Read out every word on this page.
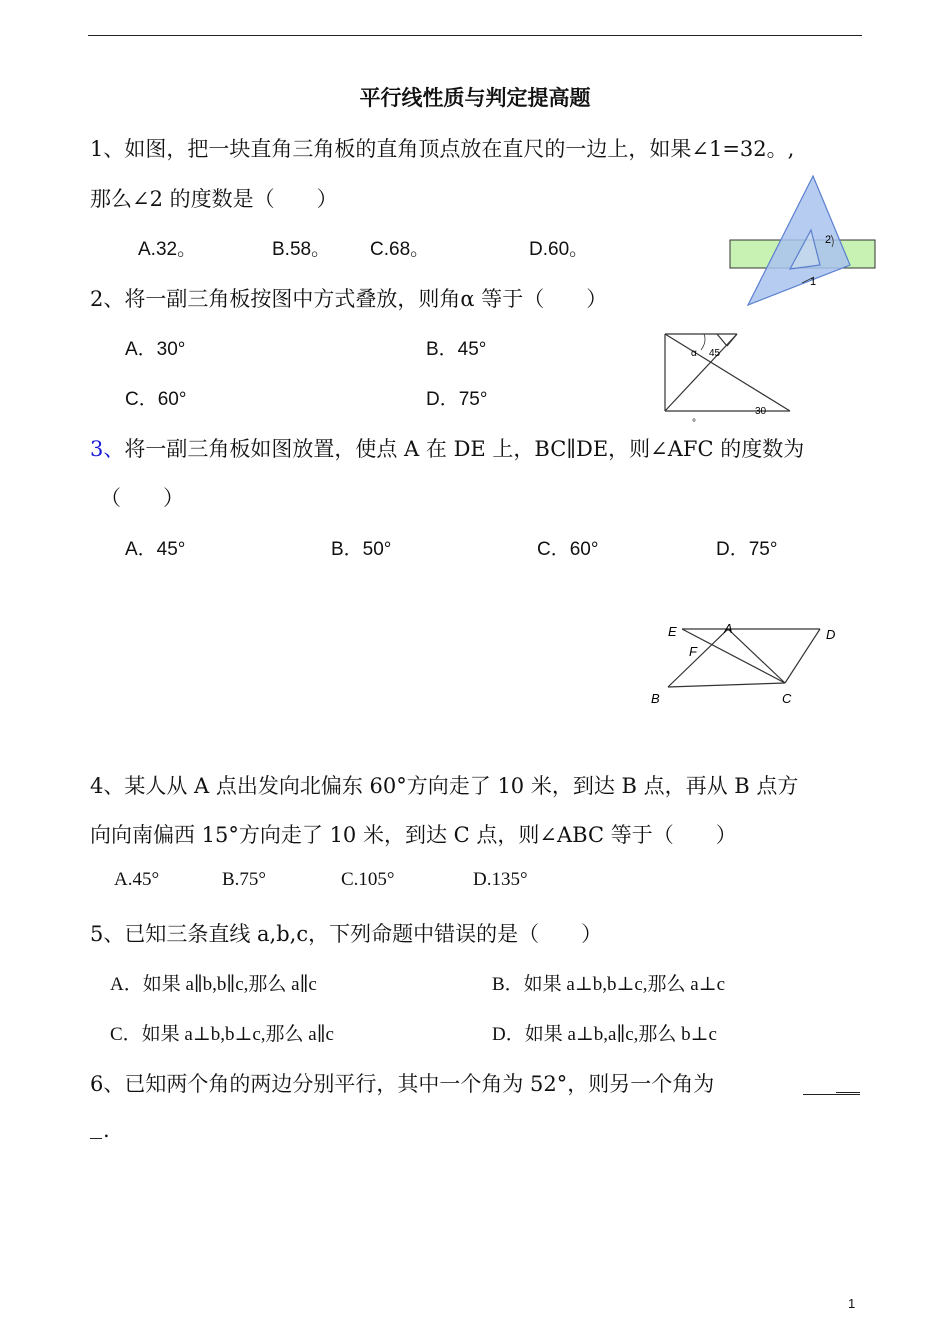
平行线性质与判定提高题
1、如图，把一块直角三角板的直角顶点放在直尺的一边上，如果∠1=32。,
那么∠2 的度数是（　　）
A.32。	B.58。 C.68。	D.60。	2
1
2、将一副三角板按图中方式叠放，则角α 等于（　　）
A．30°	B．45°
C．60°	D．75°
α 45
30
°
3、将一副三角板如图放置，使点 A 在 DE 上，BC∥DE，则∠AFC 的度数为
（　　）
A．45°	B．50°	C．60°	D．75°
E	A	D
F
B	C
4、某人从 A 点出发向北偏东 60°方向走了 10 米，到达 B 点，再从 B 点方
向向南偏西 15°方向走了 10 米，到达 C 点，则∠ABC 等于（　　）
A.45°	B.75°	C.105°	D.135°
5、已知三条直线 a,b,c，下列命题中错误的是（　　）
A．如果 a∥b,b∥c,那么 a∥c	B．如果 a⊥b,b⊥c,那么 a⊥c
C．如果 a⊥b,b⊥c,那么 a∥c	D．如果 a⊥b,a∥c,那么 b⊥c
6、已知两个角的两边分别平行，其中一个角为 52°，则另一个角为
.
1
